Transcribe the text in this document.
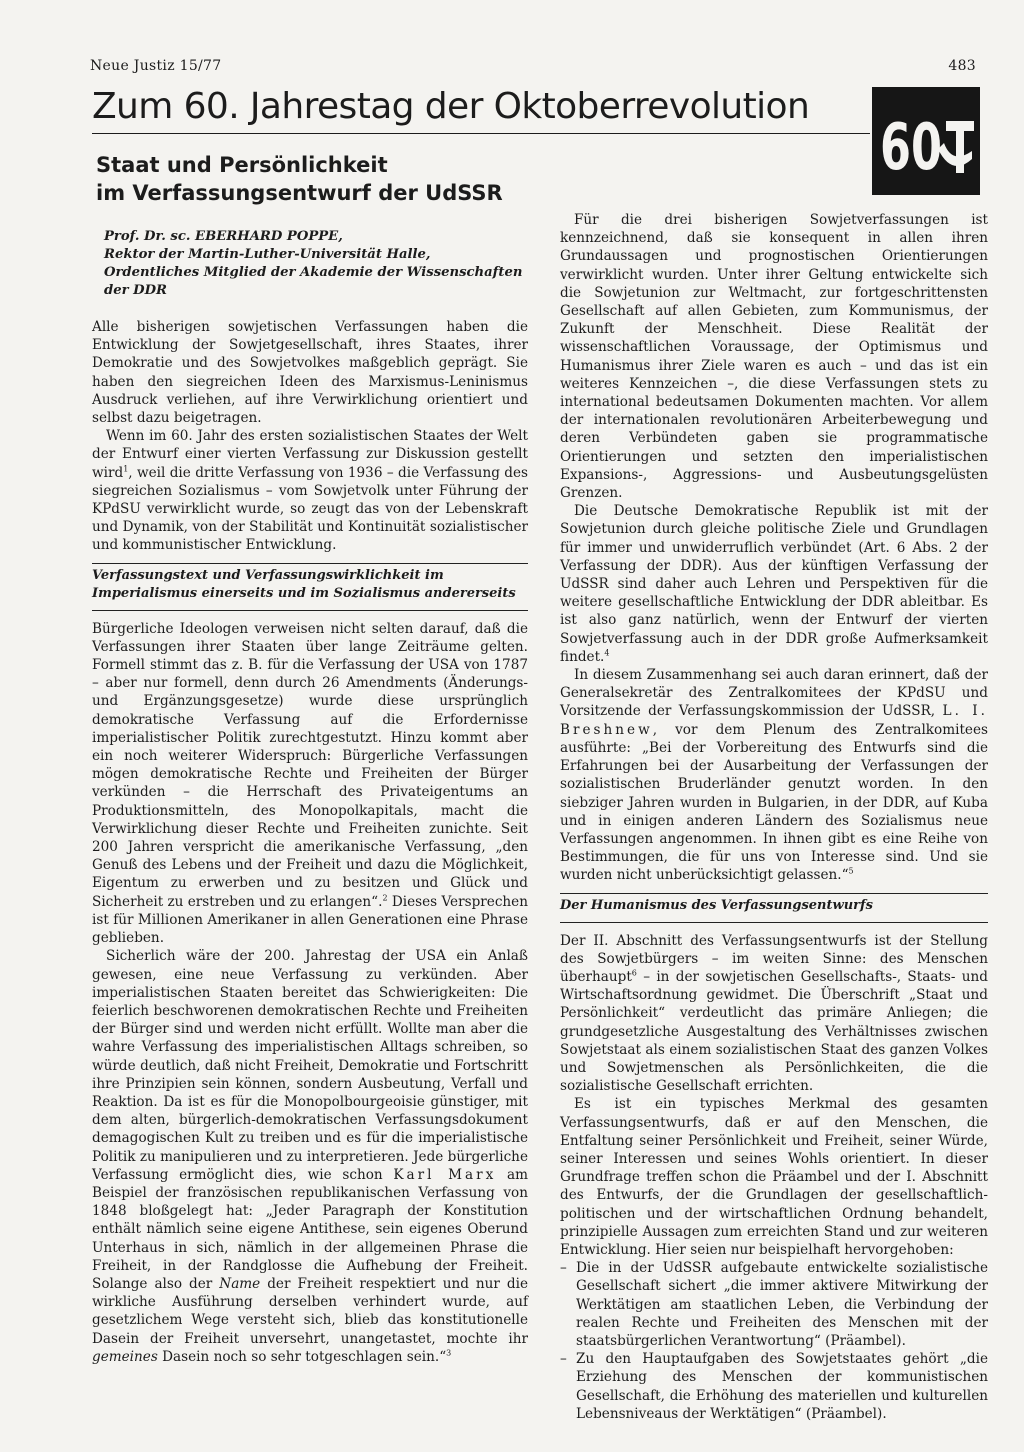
Neue Justiz 15/77	483
Zum 60. Jahrestag der Oktoberrevolution
60
Staat und Persönlichkeit
im Verfassungsentwurf der UdSSR
Prof. Dr. sc. EBERHARD POPPE,
Rektor der Martin-Luther-Universität Halle,
Ordentliches Mitglied der Akademie der Wissenschaften
der DDR

Alle bisherigen sowjetischen Verfassungen haben die Entwicklung der Sowjetgesellschaft, ihres Staates, ihrer Demokratie und des Sowjetvolkes maßgeblich geprägt. Sie haben den siegreichen Ideen des Marxismus-Leninismus Ausdruck verliehen, auf ihre Verwirklichung orientiert und selbst dazu beigetragen.

Wenn im 60. Jahr des ersten sozialistischen Staates der Welt der Entwurf einer vierten Verfassung zur Diskussion gestellt wird$^1$, weil die dritte Verfassung von 1936 – die Verfassung des siegreichen Sozialismus – vom Sowjetvolk unter Führung der KPdSU verwirklicht wurde, so zeugt das von der Lebenskraft und Dynamik, von der Stabilität und Kontinuität sozialistischer und kommunistischer Entwicklung.

Verfassungstext und Verfassungswirklichkeit im
Imperialismus einerseits und im Sozialismus andererseits

Bürgerliche Ideologen verweisen nicht selten darauf, daß die Verfassungen ihrer Staaten über lange Zeiträume gelten. Formell stimmt das z. B. für die Verfassung der USA von 1787 – aber nur formell, denn durch 26 Amendments (Änderungs- und Ergänzungsgesetze) wurde diese ursprünglich demokratische Verfassung auf die Erfordernisse imperialistischer Politik zurechtgestutzt. Hinzu kommt aber ein noch weiterer Widerspruch: Bürgerliche Verfassungen mögen demokratische Rechte und Freiheiten der Bürger verkünden – die Herrschaft des Privateigentums an Produktionsmitteln, des Monopolkapitals, macht die Verwirklichung dieser Rechte und Freiheiten zunichte. Seit 200 Jahren verspricht die amerikanische Verfassung, „den Genuß des Lebens und der Freiheit und dazu die Möglichkeit, Eigentum zu erwerben und zu besitzen und Glück und Sicherheit zu erstreben und zu erlangen“.$^2$ Dieses Versprechen ist für Millionen Amerikaner in allen Generationen eine Phrase geblieben.

Sicherlich wäre der 200. Jahrestag der USA ein Anlaß gewesen, eine neue Verfassung zu verkünden. Aber imperialistischen Staaten bereitet das Schwierigkeiten: Die feierlich beschworenen demokratischen Rechte und Freiheiten der Bürger sind und werden nicht erfüllt. Wollte man aber die wahre Verfassung des imperialistischen Alltags schreiben, so würde deutlich, daß nicht Freiheit, Demokratie und Fortschritt ihre Prinzipien sein können, sondern Ausbeutung, Verfall und Reaktion. Da ist es für die Monopolbourgeoisie günstiger, mit dem alten, bürgerlich-demokratischen Verfassungsdokument demagogischen Kult zu treiben und es für die imperialistische Politik zu manipulieren und zu interpretieren. Jede bürgerliche Verfassung ermöglicht dies, wie schon Karl Marx am Beispiel der französischen republikanischen Verfassung von 1848 bloßgelegt hat: „Jeder Paragraph der Konstitution enthält nämlich seine eigene Antithese, sein eigenes Oberund Unterhaus in sich, nämlich in der allgemeinen Phrase die Freiheit, in der Randglosse die Aufhebung der Freiheit. Solange also der Name der Freiheit respektiert und nur die wirkliche Ausführung derselben verhindert wurde, auf gesetzlichem Wege versteht sich, blieb das konstitutionelle Dasein der Freiheit unversehrt, unangetastet, mochte ihr gemeines Dasein noch so sehr totgeschlagen sein.“$^3$

Für die drei bisherigen Sowjetverfassungen ist kennzeichnend, daß sie konsequent in allen ihren Grundaussagen und prognostischen Orientierungen verwirklicht wurden. Unter ihrer Geltung entwickelte sich die Sowjetunion zur Weltmacht, zur fortgeschrittensten Gesellschaft auf allen Gebieten, zum Kommunismus, der Zukunft der Menschheit. Diese Realität der wissenschaftlichen Voraussage, der Optimismus und Humanismus ihrer Ziele waren es auch – und das ist ein weiteres Kennzeichen –, die diese Verfassungen stets zu international bedeutsamen Dokumenten machten. Vor allem der internationalen revolutionären Arbeiterbewegung und deren Verbündeten gaben sie programmatische Orientierungen und setzten den imperialistischen Expansions-, Aggressions- und Ausbeutungsgelüsten Grenzen.

Die Deutsche Demokratische Republik ist mit der Sowjetunion durch gleiche politische Ziele und Grundlagen für immer und unwiderruflich verbündet (Art. 6 Abs. 2 der Verfassung der DDR). Aus der künftigen Verfassung der UdSSR sind daher auch Lehren und Perspektiven für die weitere gesellschaftliche Entwicklung der DDR ableitbar. Es ist also ganz natürlich, wenn der Entwurf der vierten Sowjetverfassung auch in der DDR große Aufmerksamkeit findet.$^4$

In diesem Zusammenhang sei auch daran erinnert, daß der Generalsekretär des Zentralkomitees der KPdSU und Vorsitzende der Verfassungskommission der UdSSR, L. I. Breshnew, vor dem Plenum des Zentralkomitees ausführte: „Bei der Vorbereitung des Entwurfs sind die Erfahrungen bei der Ausarbeitung der Verfassungen der sozialistischen Bruderländer genutzt worden. In den siebziger Jahren wurden in Bulgarien, in der DDR, auf Kuba und in einigen anderen Ländern des Sozialismus neue Verfassungen angenommen. In ihnen gibt es eine Reihe von Bestimmungen, die für uns von Interesse sind. Und sie wurden nicht unberücksichtigt gelassen.“$^5$

Der Humanismus des Verfassungsentwurfs

Der II. Abschnitt des Verfassungsentwurfs ist der Stellung des Sowjetbürgers – im weiten Sinne: des Menschen überhaupt$^6$ – in der sowjetischen Gesellschafts-, Staats- und Wirtschaftsordnung gewidmet. Die Überschrift „Staat und Persönlichkeit“ verdeutlicht das primäre Anliegen; die grundgesetzliche Ausgestaltung des Verhältnisses zwischen Sowjetstaat als einem sozialistischen Staat des ganzen Volkes und Sowjetmenschen als Persönlichkeiten, die die sozialistische Gesellschaft errichten.

Es ist ein typisches Merkmal des gesamten Verfassungsentwurfs, daß er auf den Menschen, die Entfaltung seiner Persönlichkeit und Freiheit, seiner Würde, seiner Interessen und seines Wohls orientiert. In dieser Grundfrage treffen schon die Präambel und der I. Abschnitt des Entwurfs, der die Grundlagen der gesellschaftlich-politischen und der wirtschaftlichen Ordnung behandelt, prinzipielle Aussagen zum erreichten Stand und zur weiteren Entwicklung. Hier seien nur beispielhaft hervorgehoben:

– Die in der UdSSR aufgebaute entwickelte sozialistische Gesellschaft sichert „die immer aktivere Mitwirkung der Werktätigen am staatlichen Leben, die Verbindung der realen Rechte und Freiheiten des Menschen mit der staatsbürgerlichen Verantwortung“ (Präambel).
– Zu den Hauptaufgaben des Sowjetstaates gehört „die Erziehung des Menschen der kommunistischen Gesellschaft, die Erhöhung des materiellen und kulturellen Lebensniveaus der Werktätigen“ (Präambel).
